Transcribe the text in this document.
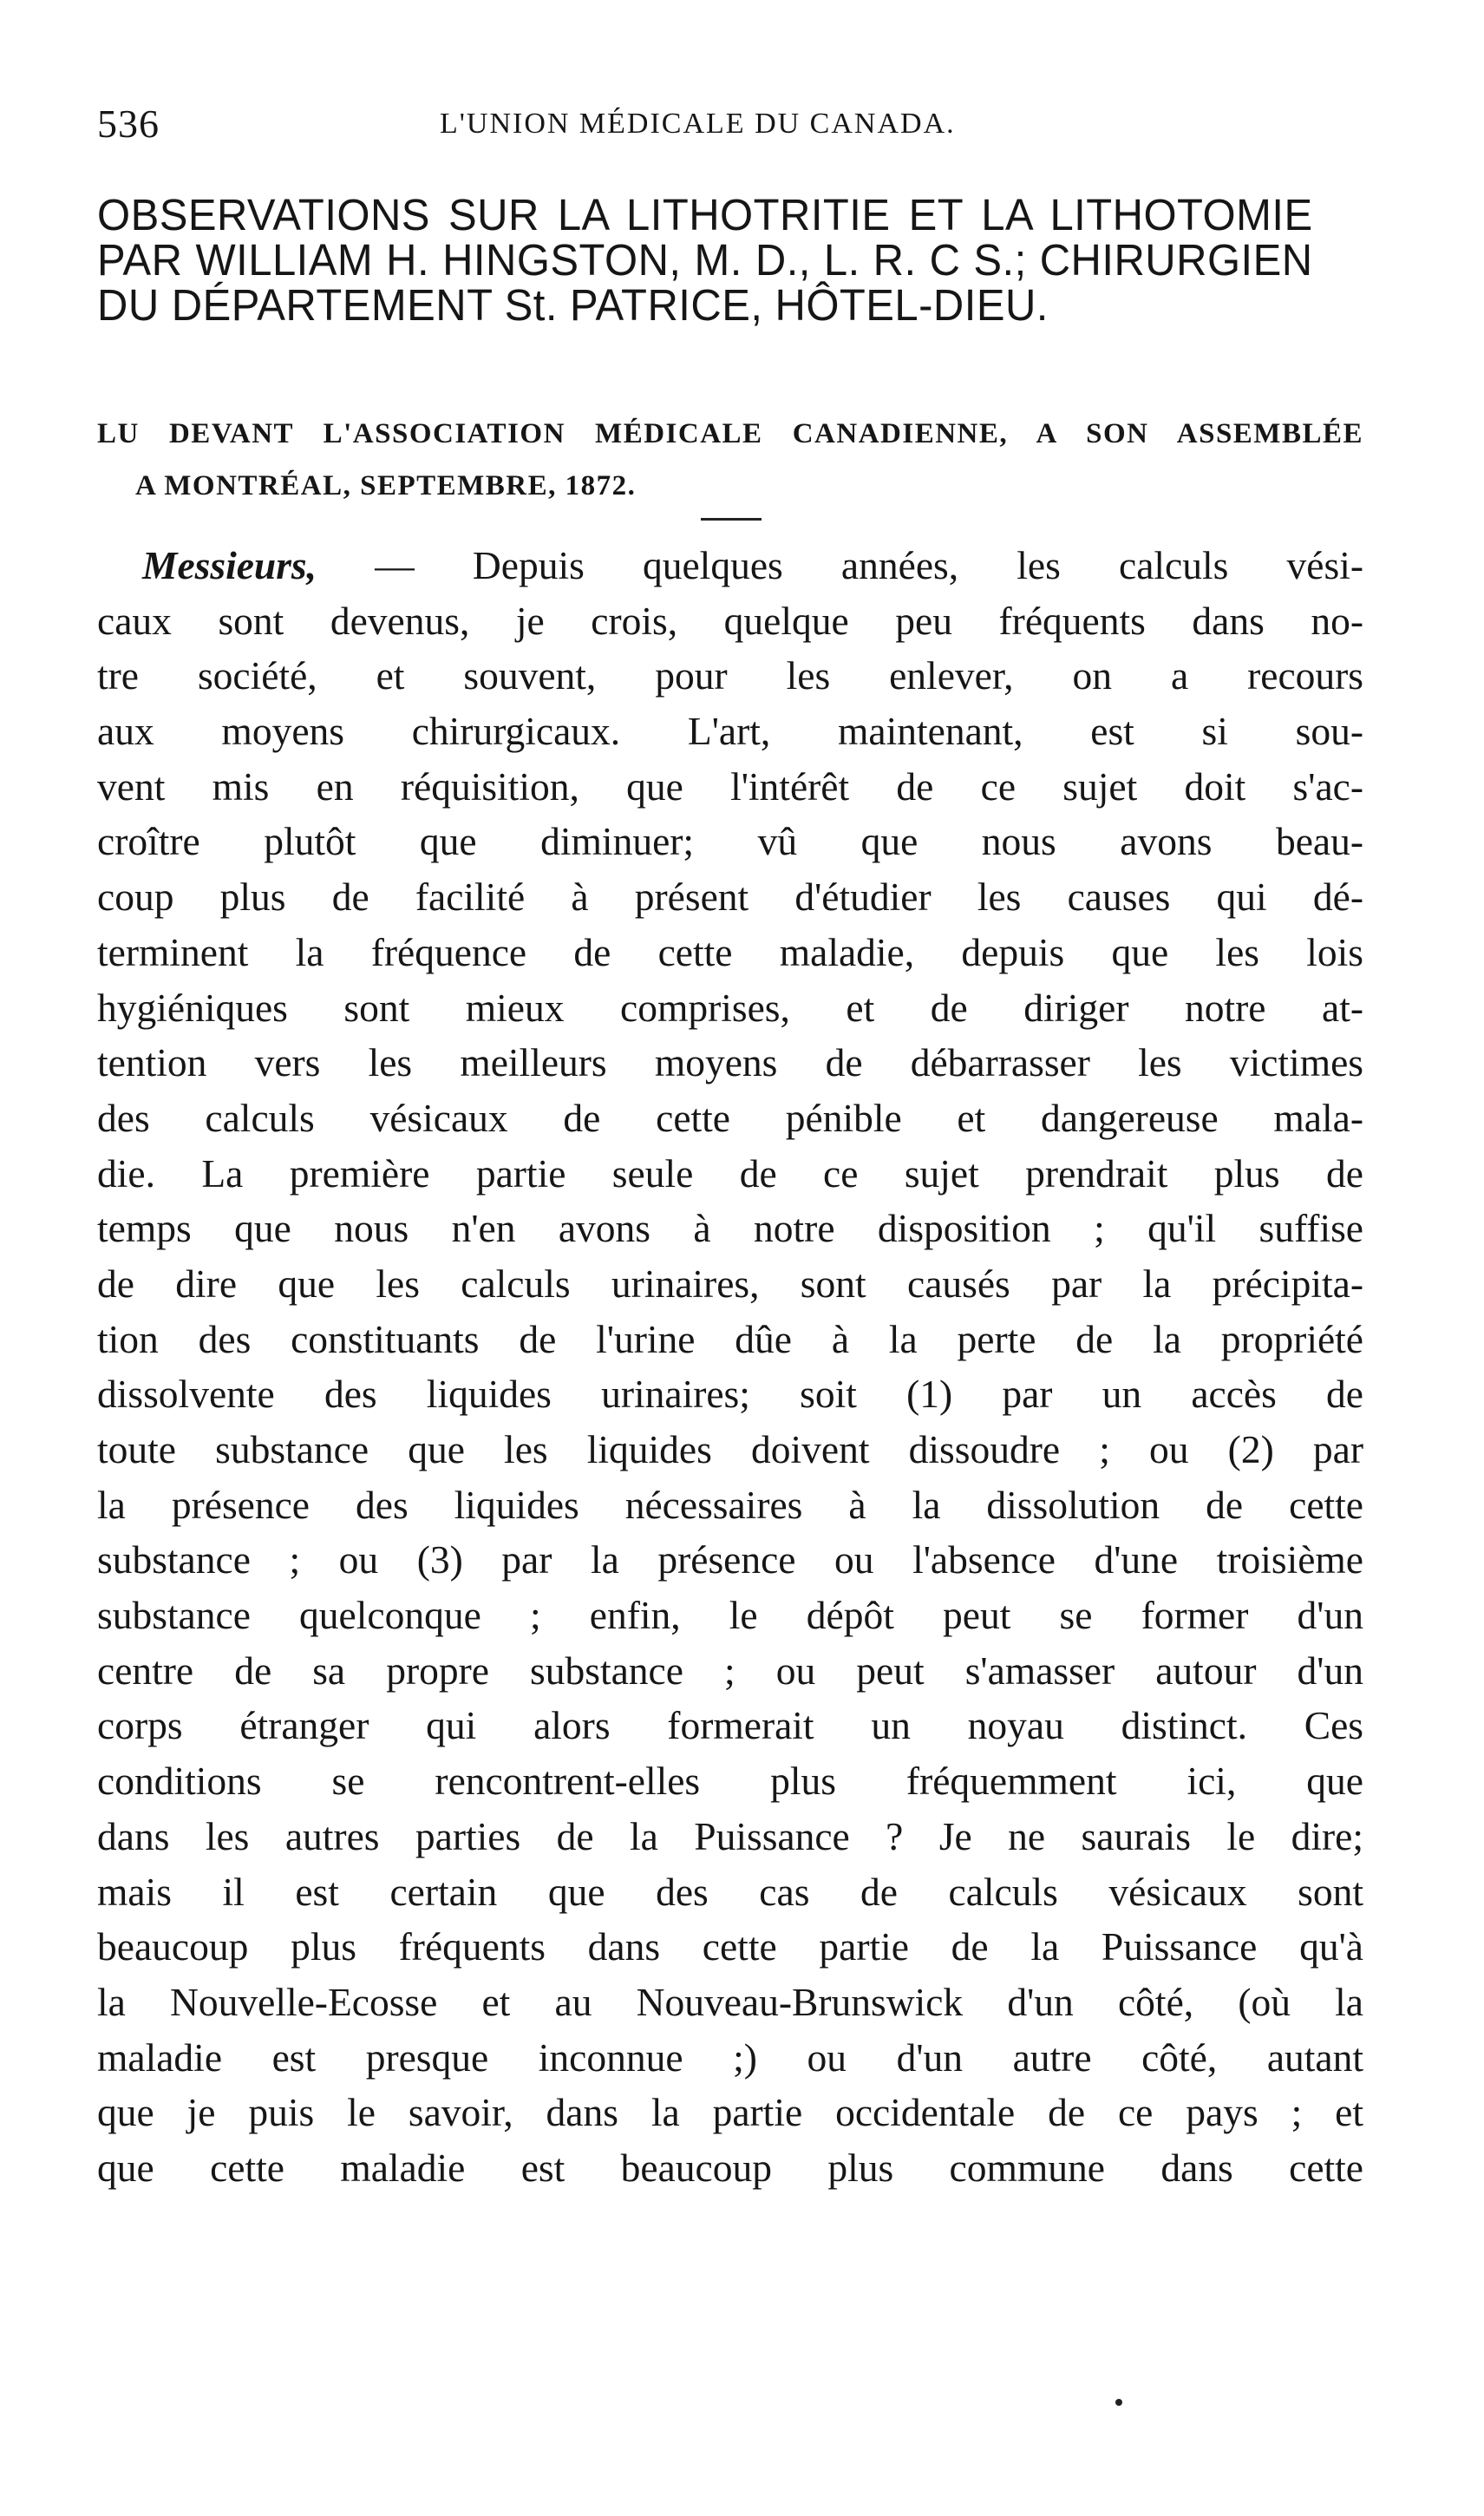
536	L'UNION MÉDICALE DU CANADA.
OBSERVATIONS SUR LA LITHOTRITIE ET LA LITHOTOMIE PAR WILLIAM H. HINGSTON, M. D., L. R. C S.; CHIRURGIEN DU DÉPARTEMENT St. PATRICE, HÔTEL-DIEU.
LU DEVANT L'ASSOCIATION MÉDICALE CANADIENNE, A SON ASSEMBLÉE
A MONTRÉAL, SEPTEMBRE, 1872.
Messieurs, — Depuis quelques années, les calculs vési-
caux sont devenus, je crois, quelque peu fréquents dans no-
tre société, et souvent, pour les enlever, on a recours
aux moyens chirurgicaux. L'art, maintenant, est si sou-
vent mis en réquisition, que l'intérêt de ce sujet doit s'ac-
croître plutôt que diminuer; vû que nous avons beau-
coup plus de facilité à présent d'étudier les causes qui dé-
terminent la fréquence de cette maladie, depuis que les lois
hygiéniques sont mieux comprises, et de diriger notre at-
tention vers les meilleurs moyens de débarrasser les victimes
des calculs vésicaux de cette pénible et dangereuse mala-
die. La première partie seule de ce sujet prendrait plus de
temps que nous n'en avons à notre disposition ; qu'il suffise
de dire que les calculs urinaires, sont causés par la précipita-
tion des constituants de l'urine dûe à la perte de la propriété
dissolvente des liquides urinaires; soit (1) par un accès de
toute substance que les liquides doivent dissoudre ; ou (2) par
la présence des liquides nécessaires à la dissolution de cette
substance ; ou (3) par la présence ou l'absence d'une troisième
substance quelconque ; enfin, le dépôt peut se former d'un
centre de sa propre substance ; ou peut s'amasser autour d'un
corps étranger qui alors formerait un noyau distinct. Ces
conditions se rencontrent-elles plus fréquemment ici, que
dans les autres parties de la Puissance ? Je ne saurais le dire;
mais il est certain que des cas de calculs vésicaux sont
beaucoup plus fréquents dans cette partie de la Puissance qu'à
la Nouvelle-Ecosse et au Nouveau-Brunswick d'un côté, (où la
maladie est presque inconnue ;) ou d'un autre côté, autant
que je puis le savoir, dans la partie occidentale de ce pays ; et
que cette maladie est beaucoup plus commune dans cette
